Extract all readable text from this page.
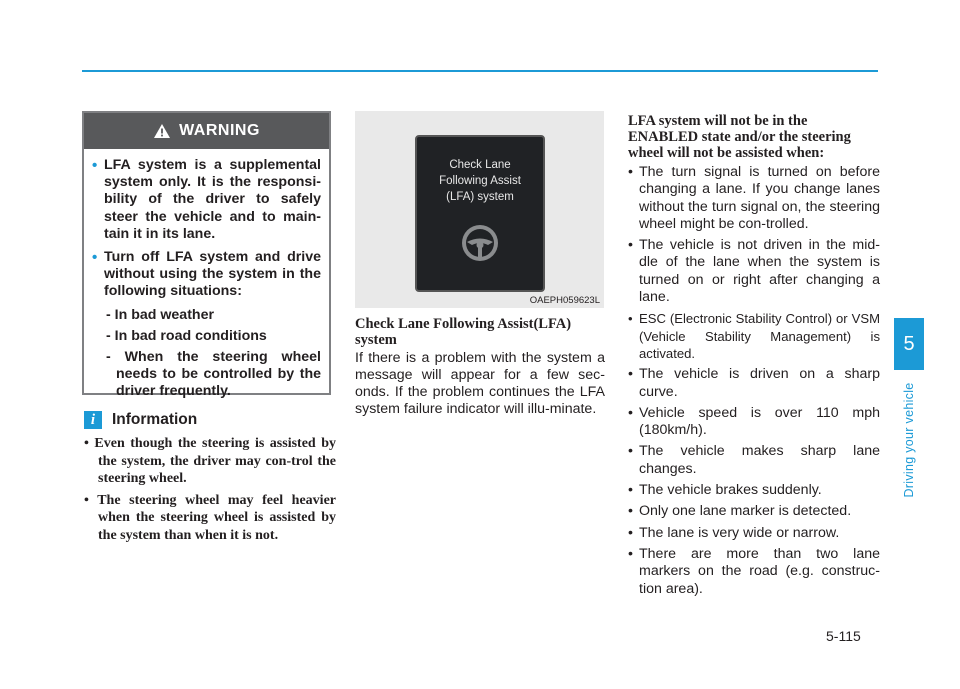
WARNING
• LFA system is a supplemental system only. It is the responsi-bility of the driver to safely steer the vehicle and to main-tain it in its lane.
• Turn off LFA system and drive without using the system in the following situations:
- In bad weather
- In bad road conditions
- When the steering wheel needs to be controlled by the driver frequently.
i	Information
• Even though the steering is assisted by the system, the driver may con-trol the steering wheel.
• The steering wheel may feel heavier when the steering wheel is assisted by the system than when it is not.
Check Lane
Following Assist
(LFA) system
OAEPH059623L
Check Lane Following Assist(LFA) system
If there is a problem with the system a message will appear for a few sec-onds. If the problem continues the LFA system failure indicator will illu-minate.
LFA system will not be in the ENABLED state and/or the steering wheel will not be assisted when:
• The turn signal is turned on before changing a lane. If you change lanes without the turn signal on, the steering wheel might be con-trolled.
• The vehicle is not driven in the mid-dle of the lane when the system is turned on or right after changing a lane.
• ESC (Electronic Stability Control) or VSM (Vehicle Stability Management) is activated.
• The vehicle is driven on a sharp curve.
• Vehicle speed is over 110 mph (180km/h).
• The vehicle makes sharp lane changes.
• The vehicle brakes suddenly.
• Only one lane marker is detected.
• The lane is very wide or narrow.
• There are more than two lane markers on the road (e.g. construc-tion area).
5
Driving your vehicle
5-115
